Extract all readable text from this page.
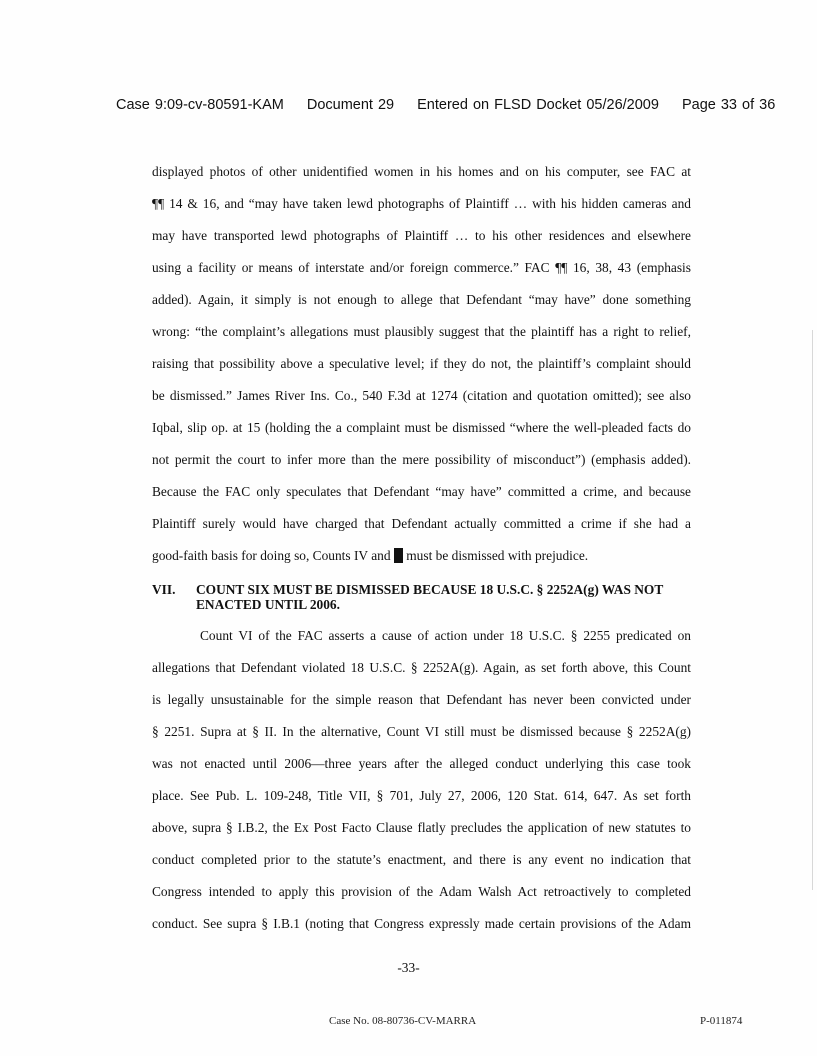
Case 9:09-cv-80591-KAM Document 29 Entered on FLSD Docket 05/26/2009 Page 33 of 36
displayed photos of other unidentified women in his homes and on his computer, see FAC at
¶¶ 14 & 16, and “may have taken lewd photographs of Plaintiff … with his hidden cameras and
may have transported lewd photographs of Plaintiff … to his other residences and elsewhere
using a facility or means of interstate and/or foreign commerce.” FAC ¶¶ 16, 38, 43 (emphasis
added). Again, it simply is not enough to allege that Defendant “may have” done something
wrong: “the complaint’s allegations must plausibly suggest that the plaintiff has a right to relief,
raising that possibility above a speculative level; if they do not, the plaintiff’s complaint should
be dismissed.” James River Ins. Co., 540 F.3d at 1274 (citation and quotation omitted); see also
Iqbal, slip op. at 15 (holding the a complaint must be dismissed “where the well-pleaded facts do
not permit the court to infer more than the mere possibility of misconduct”) (emphasis added).
Because the FAC only speculates that Defendant “may have” committed a crime, and because
Plaintiff surely would have charged that Defendant actually committed a crime if she had a
good-faith basis for doing so, Counts IV and must be dismissed with prejudice.
VII. COUNT SIX MUST BE DISMISSED BECAUSE 18 U.S.C. § 2252A(g) WAS NOT ENACTED UNTIL 2006.
Count VI of the FAC asserts a cause of action under 18 U.S.C. § 2255 predicated on
allegations that Defendant violated 18 U.S.C. § 2252A(g). Again, as set forth above, this Count
is legally unsustainable for the simple reason that Defendant has never been convicted under
§ 2251. Supra at § II. In the alternative, Count VI still must be dismissed because § 2252A(g)
was not enacted until 2006—three years after the alleged conduct underlying this case took
place. See Pub. L. 109-248, Title VII, § 701, July 27, 2006, 120 Stat. 614, 647. As set forth
above, supra § I.B.2, the Ex Post Facto Clause flatly precludes the application of new statutes to
conduct completed prior to the statute’s enactment, and there is any event no indication that
Congress intended to apply this provision of the Adam Walsh Act retroactively to completed
conduct. See supra § I.B.1 (noting that Congress expressly made certain provisions of the Adam
-33-
Case No. 08-80736-CV-MARRA	P-011874
